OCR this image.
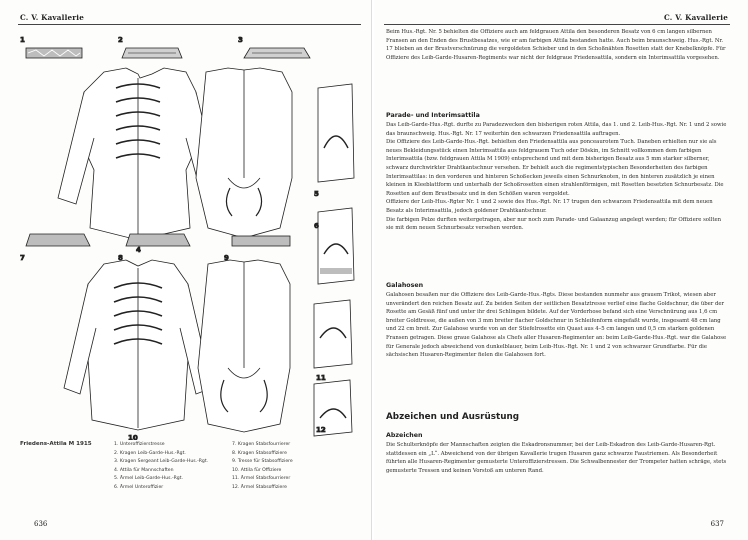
C. V. Kavallerie
1	2	3
4
5
6
7	8	9
10
11
12
Friedens-Attila M 1915	1. Unteroffizierstresse
2. Kragen Leib-Garde-Hus.-Rgt.
3. Kragen Sergeant Leib-Garde-Hus.-Rgt.
4. Attila für Mannschaften
5. Ärmel Leib-Garde-Hus.-Rgt.
6. Ärmel Unteroffizier
7. Kragen Stabsfourrierer
8. Kragen Stabsoffiziere
9. Tresse für Stabsoffiziere
10. Attila für Offiziere
11. Ärmel Stabsfourrierer
12. Ärmel Stabsoffiziere
636
C. V. Kavallerie

Beim Hus.-Rgt. Nr. 5 behielten die Offiziere auch am feldgrauen Attila den besonderen Besatz von 6 cm langen silbernen Fransen an den Enden des Brustbesatzes, wie er am farbigen Attila bestanden hatte. Auch beim braunschweig. Hus.-Rgt. Nr. 17 blieben an der Brustverschnürung die vergoldeten Schieber und in den Schoßnähten Rosetten statt der Knebelknöpfe. Für Offiziere des Leib-Garde-Husaren-Regiments war nicht der feldgraue Friedensattila, sondern ein Interimsattila vorgesehen.

Parade- und Interimsattila

Das Leib-Garde-Hus.-Rgt. durfte zu Paradezwecken den bisherigen roten Attila, das 1. und 2. Leib-Hus.-Rgt. Nr. 1 und 2 sowie das braunschweig. Hus.-Rgt. Nr. 17 weiterhin den schwarzen Friedensattila auftragen.

Die Offiziere des Leib-Garde-Hus.-Rgt. behielten den Friedensattila aus ponceaurotem Tuch. Daneben erhielten nur sie als neues Bekleidungsstück einen Interimsattila aus feldgrauem Tuch oder Döskin, im Schnitt vollkommen dem farbigen Interimsattila (bzw. feldgrauen Attila M 1909) entsprechend und mit dem bisherigen Besatz aus 5 mm starker silberner, schwarz durchwirkter Drahtkantschnur versehen. Er behielt auch die regimentstypischen Besonderheiten des farbigen Interimsattilas: in den vorderen und hinteren Schoßecken jeweils einen Schnurknoten, in den hinteren zusätzlich je einen kleinen in Kleeblattform und unterhalb der Schoßrosetten einen strahlenförmigen, mit Rosetten besetzten Schnurbesatz. Die Rosetten auf dem Brustbesatz und in den Schößen waren vergoldet.

Offiziere der Leib-Hus.-Rgter Nr. 1 und 2 sowie des Hus.-Rgt. Nr. 17 trugen den schwarzen Friedensattila mit dem neuen Besatz als Interimsattila, jedoch goldener Drahtkantschnur.

Die farbigen Pelze durften weitergetragen, aber nur noch zum Parade- und Galaanzug angelegt werden; für Offiziere sollten sie mit dem neuen Schnurbesatz versehen werden.

Galahosen

Galahosen besaßen nur die Offiziere des Leib-Garde-Hus.-Rgts. Diese bestanden nunmehr aus grauem Trikot, wiesen aber unverändert den reichen Besatz auf. Zu beiden Seiten der seitlichen Besatztresse verlief eine flache Goldschnur, die über der Rosette am Gesäß fünf und unter ihr drei Schlingen bildete. Auf der Vorderhose befand sich eine Verschnürung aus 1,6 cm breiter Goldtresse, die außen von 3 mm breiter flacher Goldschnur in Schleifenform eingefaßt wurde, insgesamt 48 cm lang und 22 cm breit. Zur Galahose wurde von an der Stiefelrosette ein Quast aus 4–5 cm langen und 0,5 cm starken goldenen Fransen getragen. Diese graue Galahose als Chefs aller Husaren-Regimenter an: beim Leib-Garde-Hus.-Rgt. war die Galahose für Generale jedoch abweichend von dunkelblauer, beim Leib-Hus.-Rgt. Nr. 1 und 2 von schwarzer Grundfarbe. Für die sächsischen Husaren-Regimenter fielen die Galahosen fort.

Abzeichen und Ausrüstung
Abzeichen

Die Schulterknöpfe der Mannschaften zeigten die Eskadronsnummer, bei der Leib-Eskadron des Leib-Garde-Husaren-Rgt. stattdessen ein „L“. Abweichend von der übrigen Kavallerie trugen Husaren ganz schwarze Faustriemen. Als Besonderheit führten alle Husaren-Regimenter gemusterte Unteroffizierstressen. Die Schwalbennester der Trompeter hatten schräge, stets gemusterte Tressen und keinen Vorstoß am unteren Rand.

637
